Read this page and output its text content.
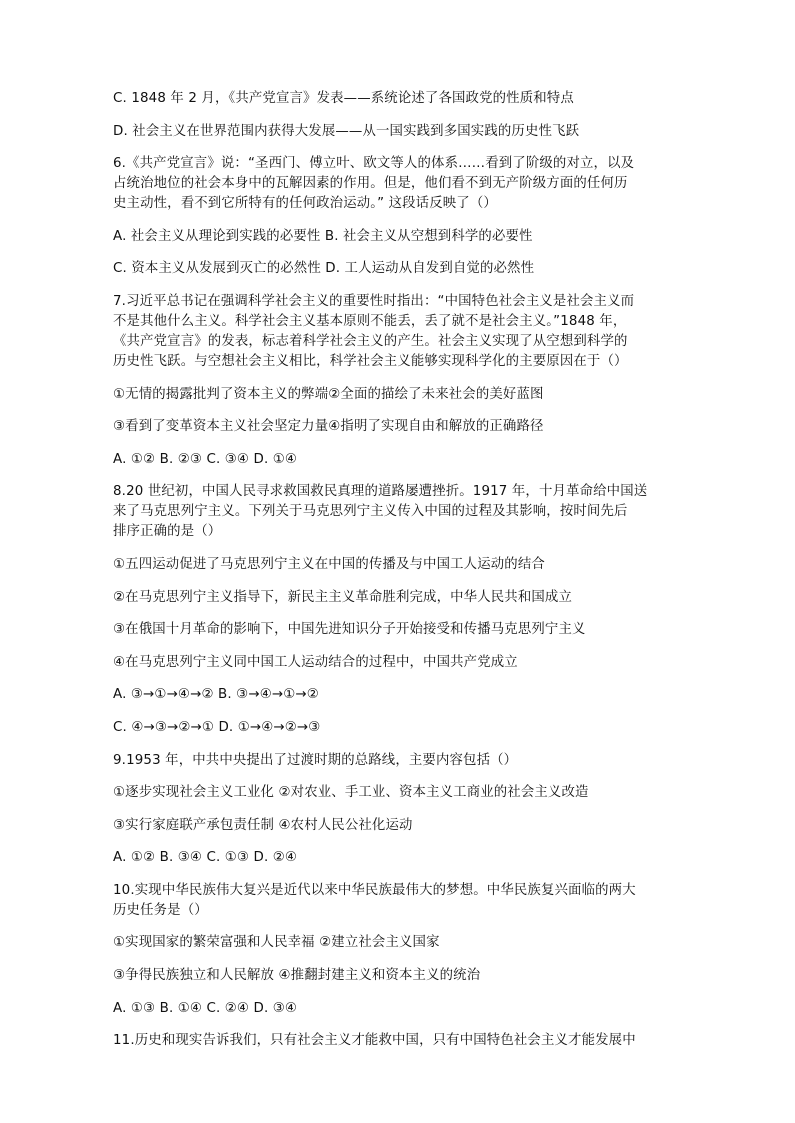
C. 1848 年 2 月，《共产党宣言》发表——系统论述了各国政党的性质和特点
D. 社会主义在世界范围内获得大发展——从一国实践到多国实践的历史性飞跃
6.《共产党宣言》说：“圣西门、傅立叶、欧文等人的体系……看到了阶级的对立，以及
占统治地位的社会本身中的瓦解因素的作用。但是，他们看不到无产阶级方面的任何历
史主动性，看不到它所特有的任何政治运动。” 这段话反映了（）
A. 社会主义从理论到实践的必要性 B. 社会主义从空想到科学的必要性
C. 资本主义从发展到灭亡的必然性 D. 工人运动从自发到自觉的必然性
7.习近平总书记在强调科学社会主义的重要性时指出：“中国特色社会主义是社会主义而
不是其他什么主义。科学社会主义基本原则不能丢，丢了就不是社会主义。”1848 年，
《共产党宣言》的发表，标志着科学社会主义的产生。社会主义实现了从空想到科学的
历史性飞跃。与空想社会主义相比，科学社会主义能够实现科学化的主要原因在于（）
①无情的揭露批判了资本主义的弊端②全面的描绘了未来社会的美好蓝图
③看到了变革资本主义社会坚定力量④指明了实现自由和解放的正确路径
A. ①② B. ②③ C. ③④ D. ①④
8.20 世纪初，中国人民寻求救国救民真理的道路屡遭挫折。1917 年，十月革命给中国送
来了马克思列宁主义。下列关于马克思列宁主义传入中国的过程及其影响，按时间先后
排序正确的是（）
①五四运动促进了马克思列宁主义在中国的传播及与中国工人运动的结合
②在马克思列宁主义指导下，新民主主义革命胜利完成，中华人民共和国成立
③在俄国十月革命的影响下，中国先进知识分子开始接受和传播马克思列宁主义
④在马克思列宁主义同中国工人运动结合的过程中，中国共产党成立
A. ③→①→④→② B. ③→④→①→②
C. ④→③→②→① D. ①→④→②→③
9.1953 年，中共中央提出了过渡时期的总路线，主要内容包括（）
①逐步实现社会主义工业化 ②对农业、手工业、资本主义工商业的社会主义改造
③实行家庭联产承包责任制 ④农村人民公社化运动
A. ①② B. ③④ C. ①③ D. ②④
10.实现中华民族伟大复兴是近代以来中华民族最伟大的梦想。中华民族复兴面临的两大
历史任务是（）
①实现国家的繁荣富强和人民幸福 ②建立社会主义国家
③争得民族独立和人民解放 ④推翻封建主义和资本主义的统治
A. ①③ B. ①④ C. ②④ D. ③④
11.历史和现实告诉我们，只有社会主义才能救中国，只有中国特色社会主义才能发展中
